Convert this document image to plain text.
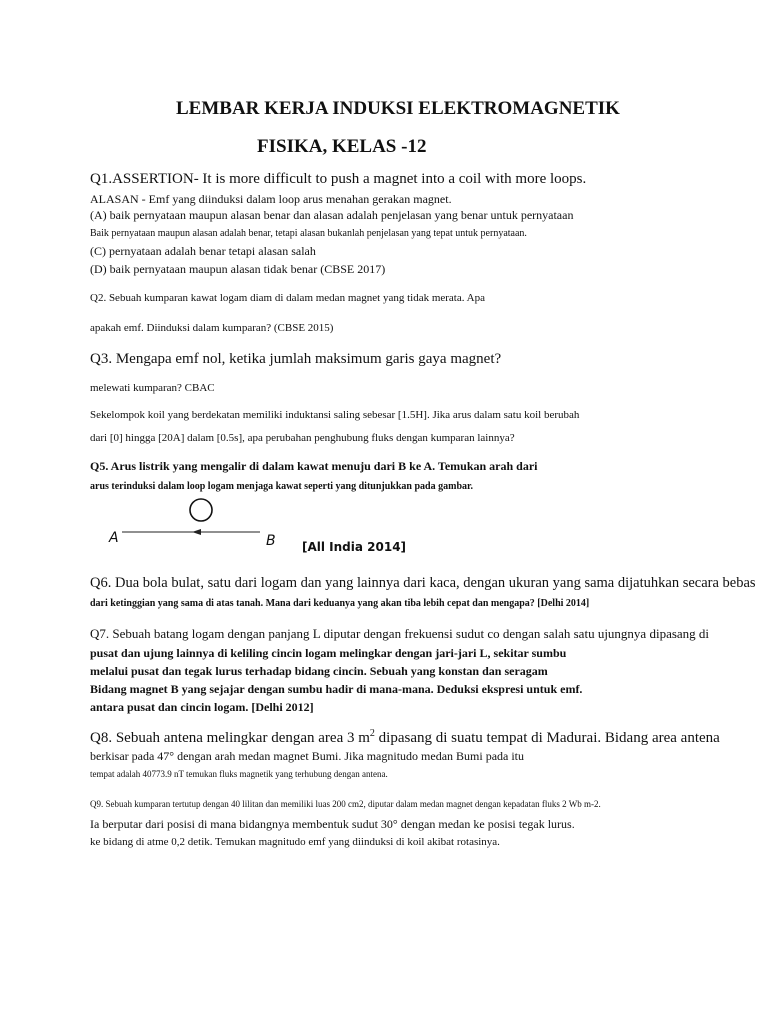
LEMBAR KERJA INDUKSI ELEKTROMAGNETIK
FISIKA, KELAS -12
Q1.ASSERTION- It is more difficult to push a magnet into a coil with more loops.
ALASAN - Emf yang diinduksi dalam loop arus menahan gerakan magnet.
(A) baik pernyataan maupun alasan benar dan alasan adalah penjelasan yang benar untuk pernyataan
Baik pernyataan maupun alasan adalah benar, tetapi alasan bukanlah penjelasan yang tepat untuk pernyataan.
(C) pernyataan adalah benar tetapi alasan salah
(D) baik pernyataan maupun alasan tidak benar (CBSE 2017)
Q2. Sebuah kumparan kawat logam diam di dalam medan magnet yang tidak merata. Apa
apakah emf. Diinduksi dalam kumparan? (CBSE 2015)
Q3. Mengapa emf nol, ketika jumlah maksimum garis gaya magnet?
melewati kumparan? CBAC
Sekelompok koil yang berdekatan memiliki induktansi saling sebesar [1.5H]. Jika arus dalam satu koil berubah
dari [0] hingga [20A] dalam [0.5s], apa perubahan penghubung fluks dengan kumparan lainnya?
Q5. Arus listrik yang mengalir di dalam kawat menuju dari B ke A. Temukan arah dari
arus terinduksi dalam loop logam menjaga kawat seperti yang ditunjukkan pada gambar.
A	B [All India 2014]
Q6. Dua bola bulat, satu dari logam dan yang lainnya dari kaca, dengan ukuran yang sama dijatuhkan secara bebas
dari ketinggian yang sama di atas tanah. Mana dari keduanya yang akan tiba lebih cepat dan mengapa? [Delhi 2014]
Q7. Sebuah batang logam dengan panjang L diputar dengan frekuensi sudut co dengan salah satu ujungnya dipasang di
pusat dan ujung lainnya di keliling cincin logam melingkar dengan jari-jari L, sekitar sumbu
melalui pusat dan tegak lurus terhadap bidang cincin. Sebuah yang konstan dan seragam
Bidang magnet B yang sejajar dengan sumbu hadir di mana-mana. Deduksi ekspresi untuk emf.
antara pusat dan cincin logam. [Delhi 2012]
Q8. Sebuah antena melingkar dengan area 3 $m^2$ dipasang di suatu tempat di Madurai. Bidang area antena
berkisar pada 47° dengan arah medan magnet Bumi. Jika magnitudo medan Bumi pada itu
tempat adalah 40773.9 nT temukan fluks magnetik yang terhubung dengan antena.
Q9. Sebuah kumparan tertutup dengan 40 lilitan dan memiliki luas 200 cm2, diputar dalam medan magnet dengan kepadatan fluks 2 Wb m-2.
Ia berputar dari posisi di mana bidangnya membentuk sudut 30° dengan medan ke posisi tegak lurus.
ke bidang di atme 0,2 detik. Temukan magnitudo emf yang diinduksi di koil akibat rotasinya.
